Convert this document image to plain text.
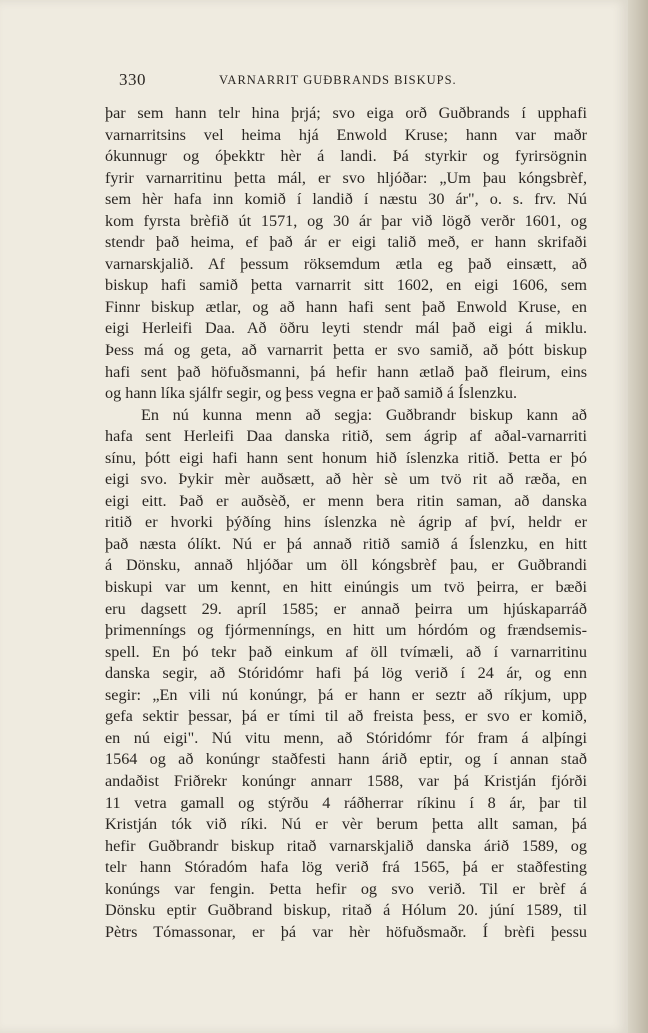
330	VARNARRIT GUÐBRANDS BISKUPS.
þar sem hann telr hina þrjá; svo eiga orð Guðbrands í upphafi
varnarritsins vel heima hjá Enwold Kruse; hann var maðr
ókunnugr og óþekktr hèr á landi. Þá styrkir og fyrirsögnin
fyrir varnarritinu þetta mál, er svo hljóðar: „Um þau kóngsbrèf,
sem hèr hafa inn komið í landið í næstu 30 ár", o. s. frv. Nú
kom fyrsta brèfið út 1571, og 30 ár þar við lögð verðr 1601, og
stendr það heima, ef það ár er eigi talið með, er hann skrifaði
varnarskjalið. Af þessum röksemdum ætla eg það einsætt, að
biskup hafi samið þetta varnarrit sitt 1602, en eigi 1606, sem
Finnr biskup ætlar, og að hann hafi sent það Enwold Kruse, en
eigi Herleifi Daa. Að öðru leyti stendr mál það eigi á miklu.
Þess má og geta, að varnarrit þetta er svo samið, að þótt biskup
hafi sent það höfuðsmanni, þá hefir hann ætlað það fleirum, eins
og hann líka sjálfr segir, og þess vegna er það samið á Íslenzku.
En nú kunna menn að segja: Guðbrandr biskup kann að
hafa sent Herleifi Daa danska ritið, sem ágrip af aðal-varnarriti
sínu, þótt eigi hafi hann sent honum hið íslenzka ritið. Þetta er þó
eigi svo. Þykir mèr auðsætt, að hèr sè um tvö rit að ræða, en
eigi eitt. Það er auðsèð, er menn bera ritin saman, að danska
ritið er hvorki þýðíng hins íslenzka nè ágrip af því, heldr er
það næsta ólíkt. Nú er þá annað ritið samið á Íslenzku, en hitt
á Dönsku, annað hljóðar um öll kóngsbrèf þau, er Guðbrandi
biskupi var um kennt, en hitt einúngis um tvö þeirra, er bæði
eru dagsett 29. apríl 1585; er annað þeirra um hjúskaparráð
þrimenníngs og fjórmenníngs, en hitt um hórdóm og frændsemis-
spell. En þó tekr það einkum af öll tvímæli, að í varnarritinu
danska segir, að Stóridómr hafi þá lög verið í 24 ár, og enn
segir: „En vili nú konúngr, þá er hann er seztr að ríkjum, upp
gefa sektir þessar, þá er tími til að freista þess, er svo er komið,
en nú eigi". Nú vitu menn, að Stóridómr fór fram á alþíngi
1564 og að konúngr staðfesti hann árið eptir, og í annan stað
andaðist Friðrekr konúngr annarr 1588, var þá Kristján fjórði
11 vetra gamall og stýrðu 4 ráðherrar ríkinu í 8 ár, þar til
Kristján tók við ríki. Nú er vèr berum þetta allt saman, þá
hefir Guðbrandr biskup ritað varnarskjalið danska árið 1589, og
telr hann Stóradóm hafa lög verið frá 1565, þá er staðfesting
konúngs var fengin. Þetta hefir og svo verið. Til er brèf á
Dönsku eptir Guðbrand biskup, ritað á Hólum 20. júní 1589, til
Pètrs Tómassonar, er þá var hèr höfuðsmaðr. Í brèfi þessu
